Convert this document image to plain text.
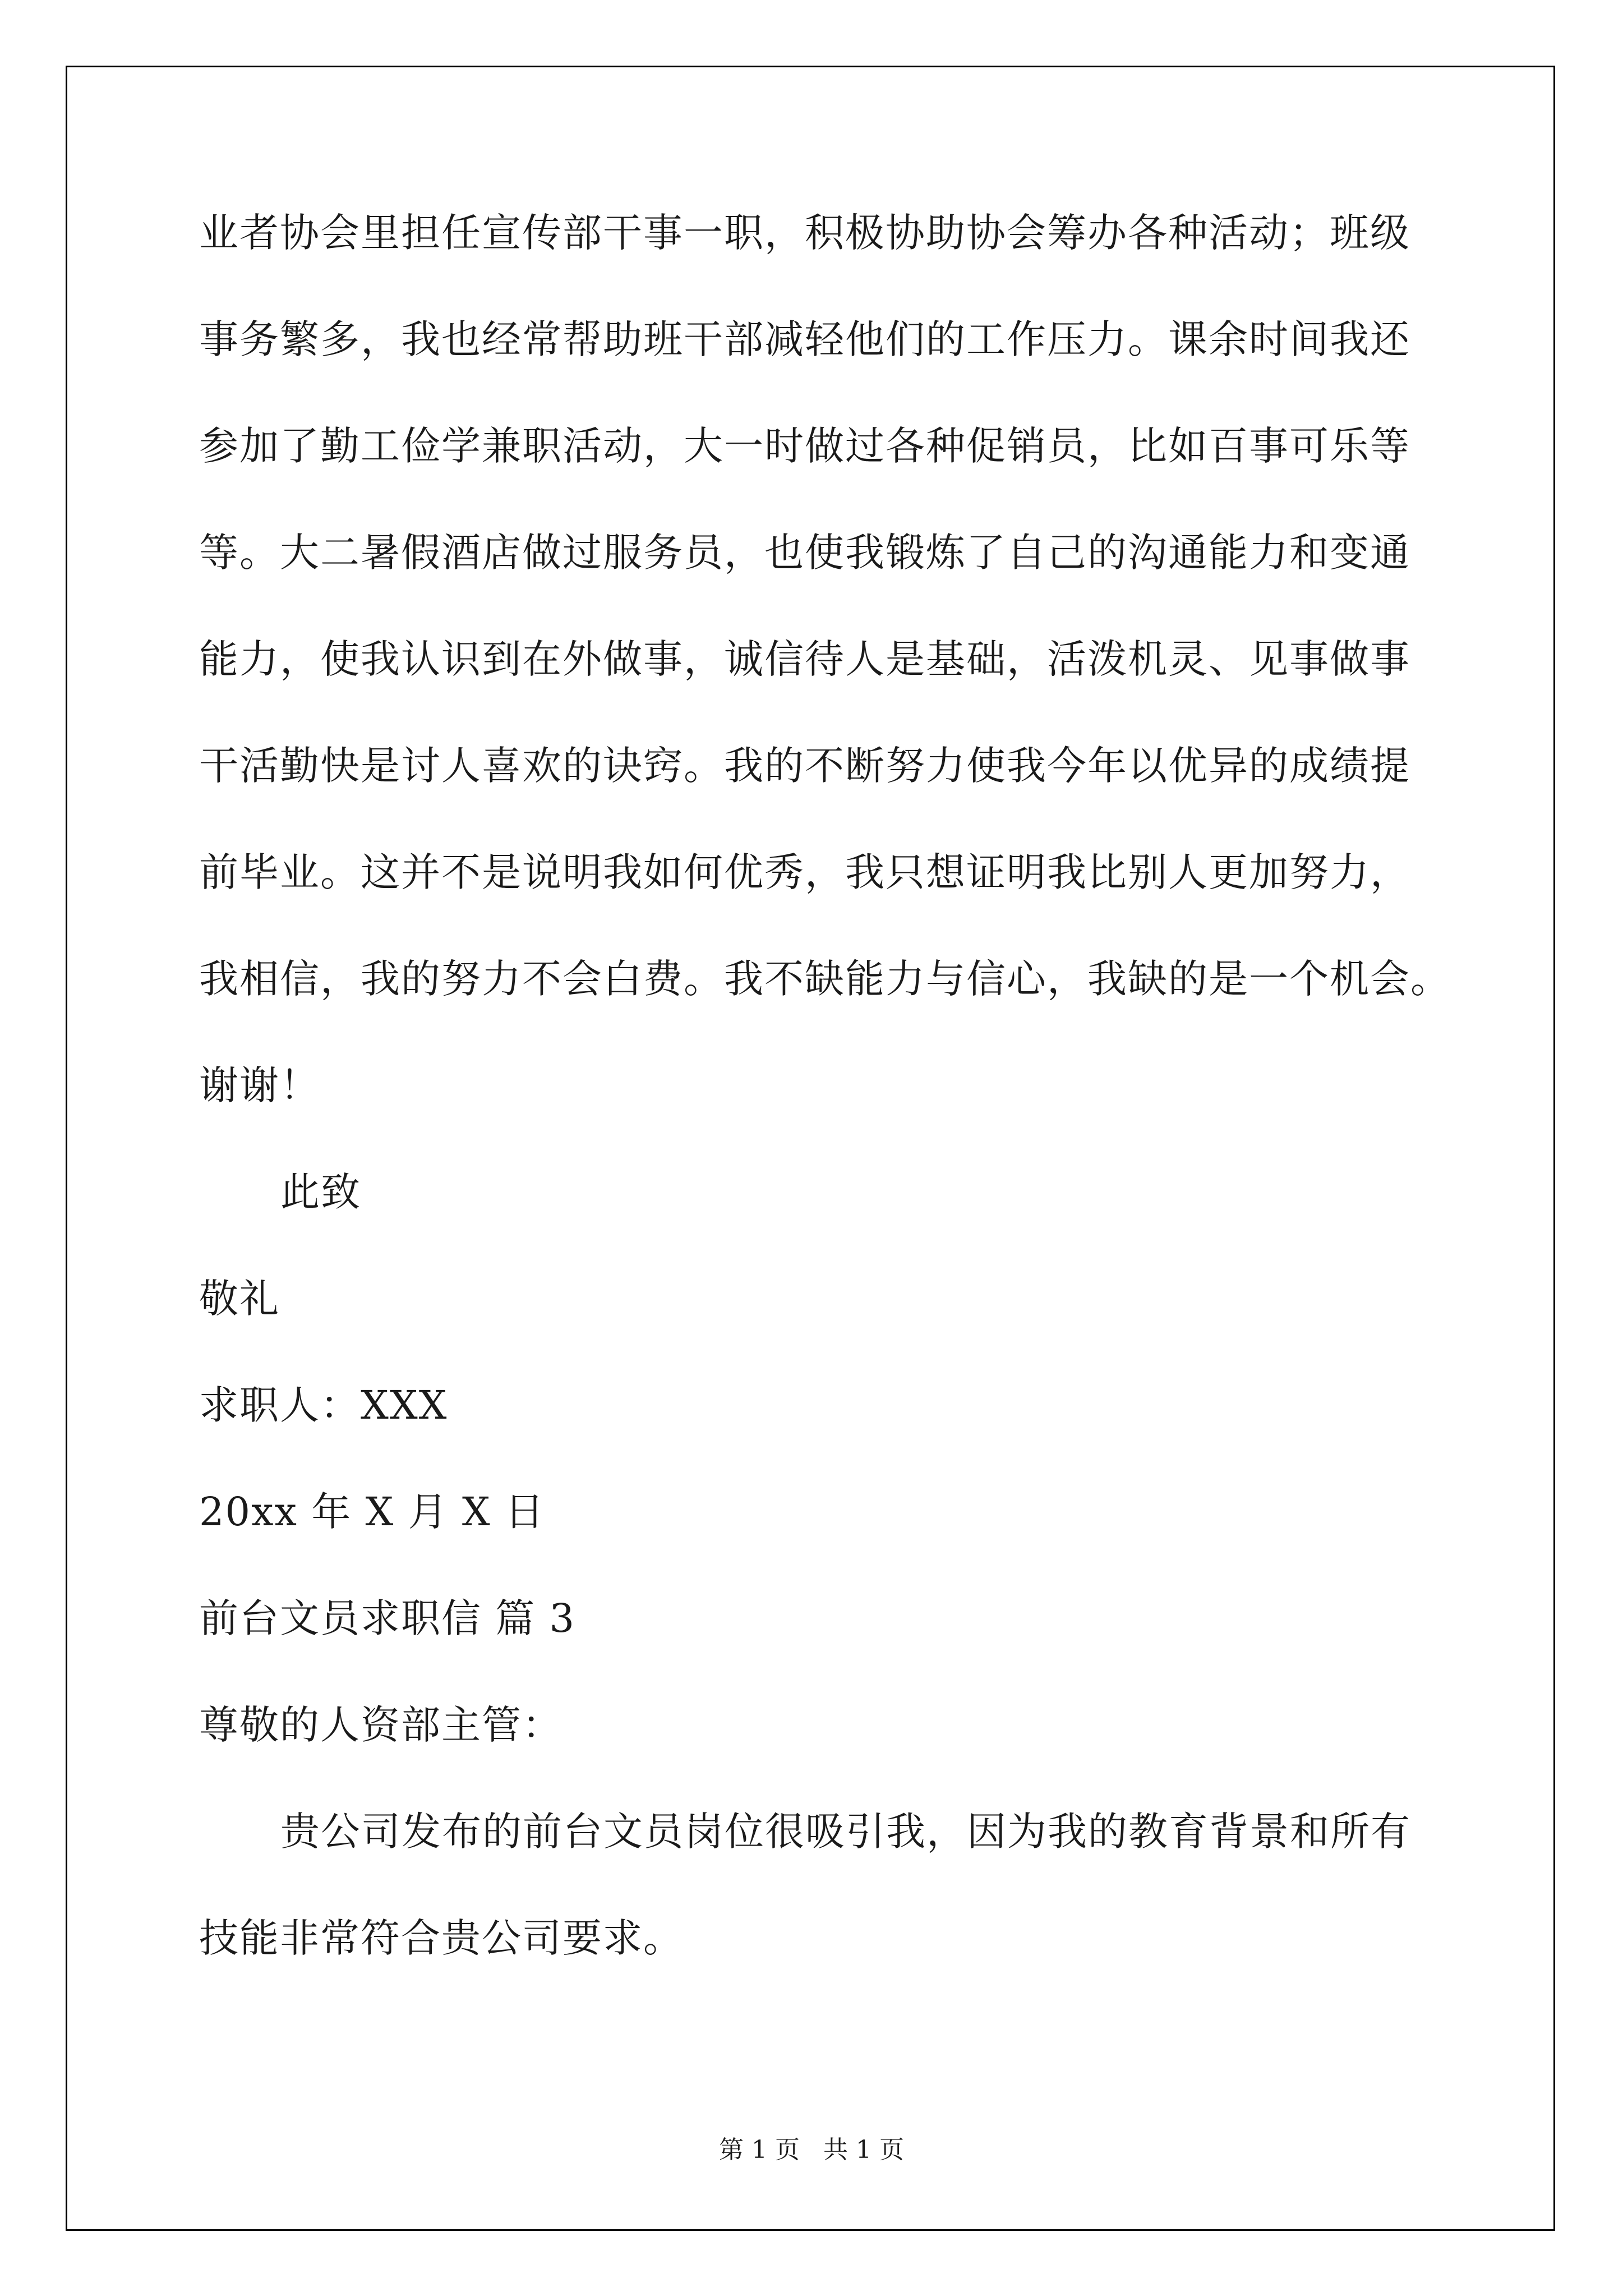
业者协会里担任宣传部干事一职，积极协助协会筹办各种活动；班级
事务繁多，我也经常帮助班干部减轻他们的工作压力。课余时间我还
参加了勤工俭学兼职活动，大一时做过各种促销员，比如百事可乐等
等。大二暑假酒店做过服务员，也使我锻炼了自己的沟通能力和变通
能力，使我认识到在外做事，诚信待人是基础，活泼机灵、见事做事
干活勤快是讨人喜欢的诀窍。我的不断努力使我今年以优异的成绩提
前毕业。这并不是说明我如何优秀，我只想证明我比别人更加努力，
我相信，我的努力不会白费。我不缺能力与信心，我缺的是一个机会。
谢谢！
此致
敬礼
求职人：XXX
20xx 年 X 月 X 日
前台文员求职信 篇 3
尊敬的人资部主管：
贵公司发布的前台文员岗位很吸引我，因为我的教育背景和所有
技能非常符合贵公司要求。
第 1 页   共 1 页
